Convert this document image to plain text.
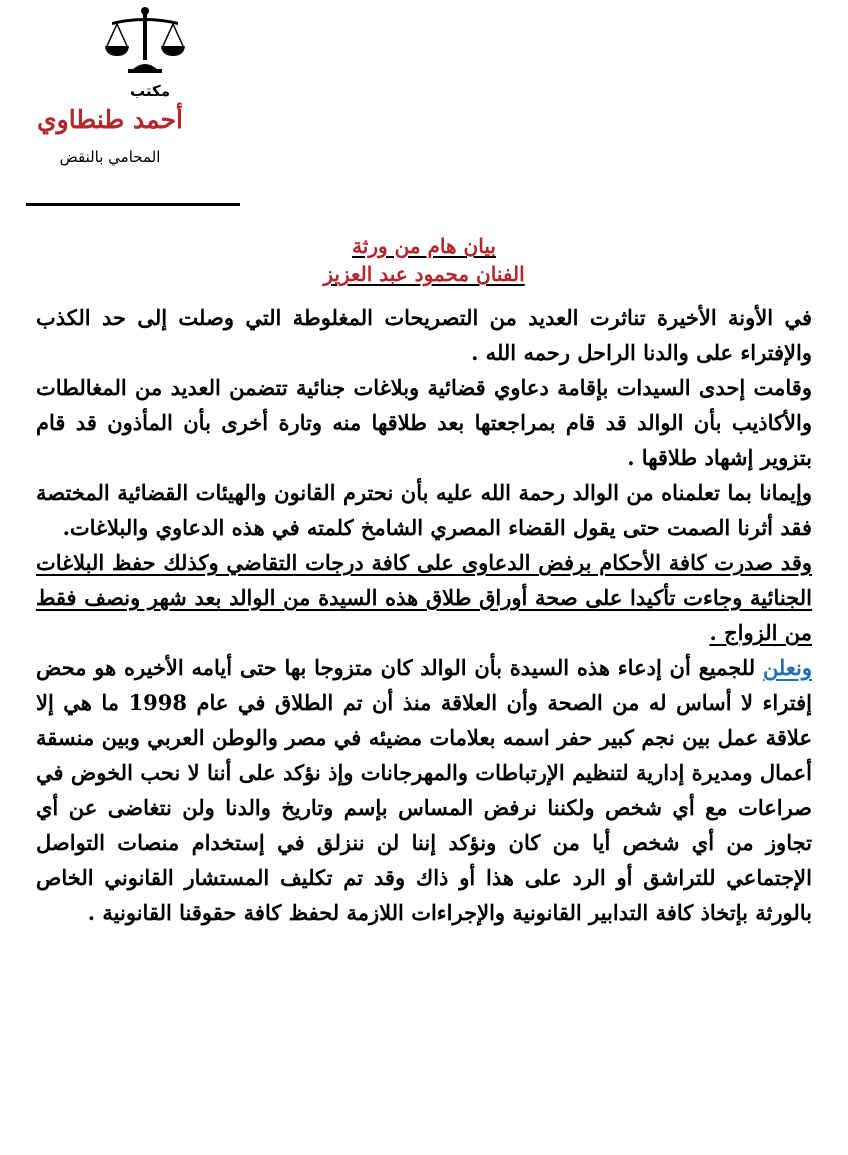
مكتب
أحمد طنطاوي
المحامي بالنقض
بيان هام من ورثة
الفنان محمود عبد العزيز

في الأونة الأخيرة تناثرت العديد من التصريحات المغلوطة التي وصلت إلى حد الكذب والإفتراء على والدنا الراحل رحمه الله .

وقامت إحدى السيدات بإقامة دعاوي قضائية وبلاغات جنائية تتضمن العديد من المغالطات والأكاذيب بأن الوالد قد قام بمراجعتها بعد طلاقها منه وتارة أخرى بأن المأذون قد قام بتزوير إشهاد طلاقها .

وإيمانا بما تعلمناه من الوالد رحمة الله عليه بأن نحترم القانون والهيئات القضائية المختصة فقد أثرنا الصمت حتى يقول القضاء المصري الشامخ كلمته في هذه الدعاوي والبلاغات.

وقد صدرت كافة الأحكام برفض الدعاوى على كافة درجات التقاضي وكذلك حفظ البلاغات الجنائية وجاءت تأكيدا على صحة أوراق طلاق هذه السيدة من الوالد بعد شهر ونصف فقط من الزواج .

ونعلن للجميع أن إدعاء هذه السيدة بأن الوالد كان متزوجا بها حتى أيامه الأخيره هو محض إفتراء لا أساس له من الصحة وأن العلاقة منذ أن تم الطلاق في عام 1998 ما هي إلا علاقة عمل بين نجم كبير حفر اسمه بعلامات مضيئه في مصر والوطن العربي وبين منسقة أعمال ومديرة إدارية لتنظيم الإرتباطات والمهرجانات وإذ نؤكد على أننا لا نحب الخوض في صراعات مع أي شخص ولكننا نرفض المساس بإسم وتاريخ والدنا ولن نتغاضى عن أي تجاوز من أي شخص أيا من كان ونؤكد إننا لن ننزلق في إستخدام منصات التواصل الإجتماعي للتراشق أو الرد على هذا أو ذاك وقد تم تكليف المستشار القانوني الخاص بالورثة بإتخاذ كافة التدابير القانونية والإجراءات اللازمة لحفظ كافة حقوقنا القانونية .
